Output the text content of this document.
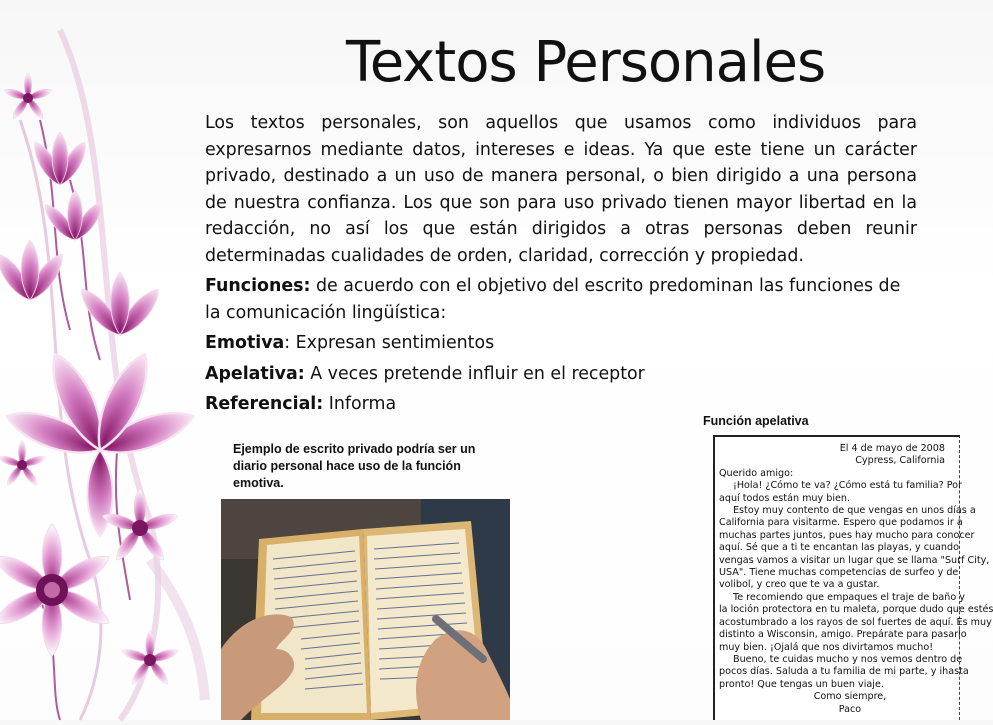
Textos Personales

Los textos personales, son aquellos que usamos como individuos para expresarnos mediante datos, intereses e ideas. Ya que este tiene un carácter privado, destinado a un uso de manera personal, o bien dirigido a una persona de nuestra confianza. Los que son para uso privado tienen mayor libertad en la redacción, no así los que están dirigidos a otras personas deben reunir determinadas cualidades de orden, claridad, corrección y propiedad.

Funciones: de acuerdo con el objetivo del escrito predominan las funciones de la comunicación lingüística:

Emotiva: Expresan sentimientos

Apelativa: A veces pretende influir en el receptor

Referencial: Informa

Función apelativa
Ejemplo de escrito privado podría ser un diario personal hace uso de la función emotiva.
El 4 de mayo de 2008
Cypress, California
Querido amigo:
¡Hola! ¿Cómo te va? ¿Cómo está tu familia? Por
aquí todos están muy bien.
Estoy muy contento de que vengas en unos días a
California para visitarme. Espero que podamos ir a
muchas partes juntos, pues hay mucho para conocer
aquí. Sé que a ti te encantan las playas, y cuando
vengas vamos a visitar un lugar que se llama "Surf City,
USA". Tiene muchas competencias de surfeo y de
volibol, y creo que te va a gustar.
Te recomiendo que empaques el traje de baño y
la loción protectora en tu maleta, porque dudo que estés
acostumbrado a los rayos de sol fuertes de aquí. Es muy
distinto a Wisconsin, amigo. Prepárate para pasarlo
muy bien. ¡Ojalá que nos divirtamos mucho!
Bueno, te cuidas mucho y nos vemos dentro de
pocos días. Saluda a tu familia de mi parte, y ihasta
pronto! Que tengas un buen viaje.
Como siempre,
Paco
